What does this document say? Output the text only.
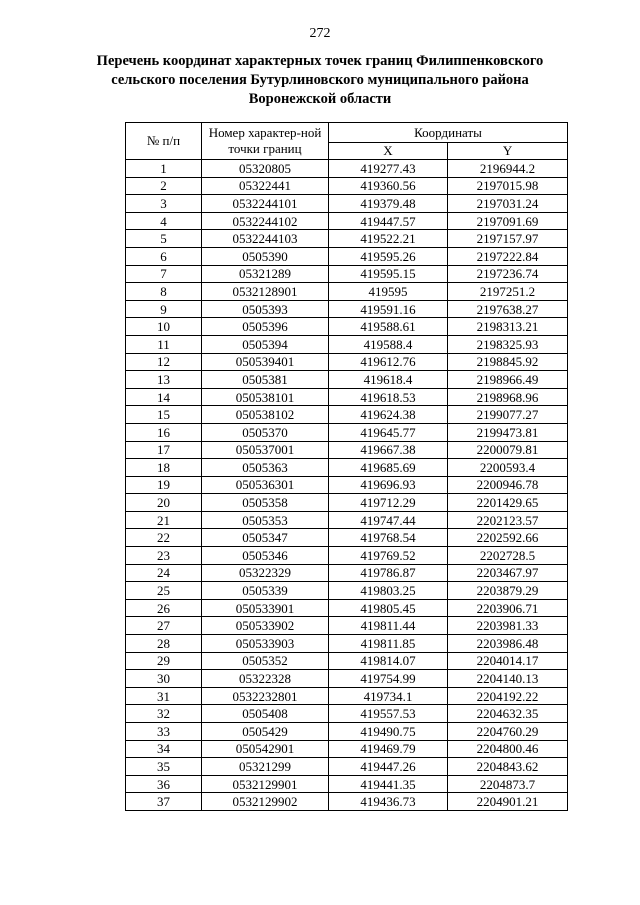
272
Перечень координат характерных точек границ Филиппенковского
сельского поселения Бутурлиновского муниципального района
Воронежской области
№ п/п	Номер характер-ной точки границ	Координаты	
		X	Y
1	05320805	419277.43	2196944.2
2	05322441	419360.56	2197015.98
3	0532244101	419379.48	2197031.24
4	0532244102	419447.57	2197091.69
5	0532244103	419522.21	2197157.97
6	0505390	419595.26	2197222.84
7	05321289	419595.15	2197236.74
8	0532128901	419595	2197251.2
9	0505393	419591.16	2197638.27
10	0505396	419588.61	2198313.21
11	0505394	419588.4	2198325.93
12	050539401	419612.76	2198845.92
13	0505381	419618.4	2198966.49
14	050538101	419618.53	2198968.96
15	050538102	419624.38	2199077.27
16	0505370	419645.77	2199473.81
17	050537001	419667.38	2200079.81
18	0505363	419685.69	2200593.4
19	050536301	419696.93	2200946.78
20	0505358	419712.29	2201429.65
21	0505353	419747.44	2202123.57
22	0505347	419768.54	2202592.66
23	0505346	419769.52	2202728.5
24	05322329	419786.87	2203467.97
25	0505339	419803.25	2203879.29
26	050533901	419805.45	2203906.71
27	050533902	419811.44	2203981.33
28	050533903	419811.85	2203986.48
29	0505352	419814.07	2204014.17
30	05322328	419754.99	2204140.13
31	0532232801	419734.1	2204192.22
32	0505408	419557.53	2204632.35
33	0505429	419490.75	2204760.29
34	050542901	419469.79	2204800.46
35	05321299	419447.26	2204843.62
36	0532129901	419441.35	2204873.7
37	0532129902	419436.73	2204901.21
